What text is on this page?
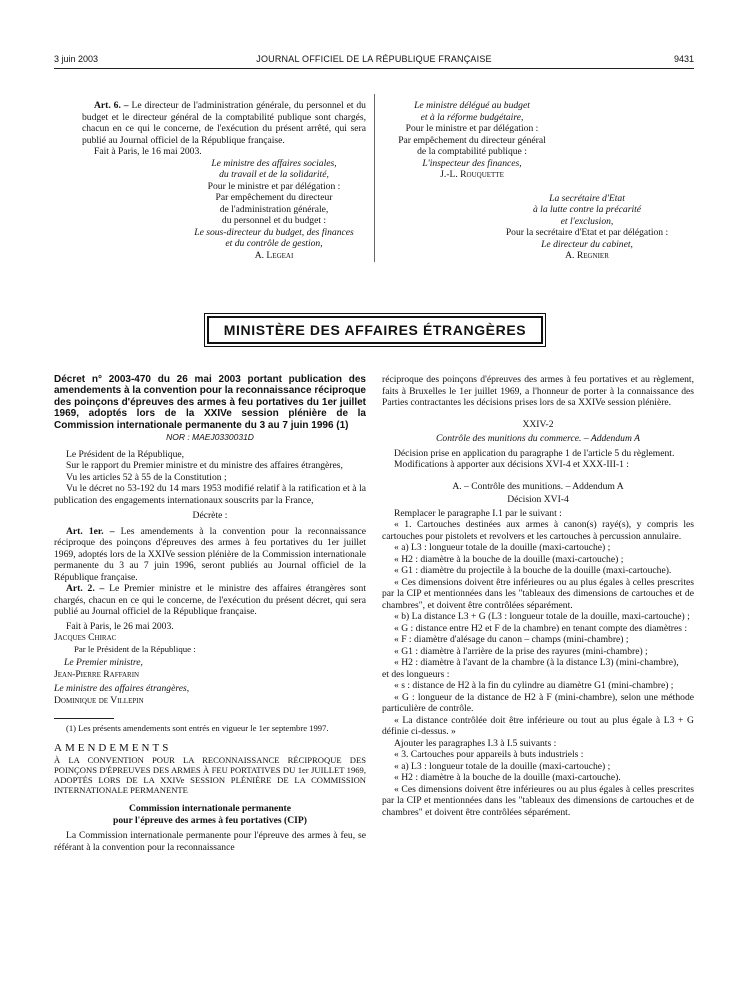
3 juin 2003	JOURNAL OFFICIEL DE LA RÉPUBLIQUE FRANÇAISE	9431

Art. 6. – Le directeur de l'administration générale, du personnel et du budget et le directeur général de la comptabilité publique sont chargés, chacun en ce qui le concerne, de l'exécution du présent arrêté, qui sera publié au Journal officiel de la République française.

Fait à Paris, le 16 mai 2003.

Le ministre des affaires sociales,
du travail et de la solidarité,
Pour le ministre et par délégation :
Par empêchement du directeur
de l'administration générale,
du personnel et du budget :
Le sous-directeur du budget, des finances
et du contrôle de gestion,
A. Legeai
Le ministre délégué au budget
et à la réforme budgétaire,
Pour le ministre et par délégation :
Par empêchement du directeur général
de la comptabilité publique :
L'inspecteur des finances,
J.-L. Rouquette
La secrétaire d'Etat
à la lutte contre la précarité
et l'exclusion,
Pour la secrétaire d'Etat et par délégation :
Le directeur du cabinet,
A. Regnier
MINISTÈRE DES AFFAIRES ÉTRANGÈRES

Décret n° 2003-470 du 26 mai 2003 portant publication des amendements à la convention pour la reconnaissance réciproque des poinçons d'épreuves des armes à feu portatives du 1er juillet 1969, adoptés lors de la XXIVe session plénière de la Commission internationale permanente du 3 au 7 juin 1996 (1)

NOR : MAEJ0330031D

Le Président de la République,

Sur le rapport du Premier ministre et du ministre des affaires étrangères,

Vu les articles 52 à 55 de la Constitution ;

Vu le décret no 53-192 du 14 mars 1953 modifié relatif à la ratification et à la publication des engagements internationaux souscrits par la France,

Décrète :

Art. 1er. – Les amendements à la convention pour la reconnaissance réciproque des poinçons d'épreuves des armes à feu portatives du 1er juillet 1969, adoptés lors de la XXIVe session plénière de la Commission internationale permanente du 3 au 7 juin 1996, seront publiés au Journal officiel de la République française.

Art. 2. – Le Premier ministre et le ministre des affaires étrangères sont chargés, chacun en ce qui le concerne, de l'exécution du présent décret, qui sera publié au Journal officiel de la République française.

Fait à Paris, le 26 mai 2003.

Jacques Chirac

Par le Président de la République :

Le Premier ministre,

Jean-Pierre Raffarin

Le ministre des affaires étrangères,

Dominique de Villepin

(1) Les présents amendements sont entrés en vigueur le 1er septembre 1997.

AMENDEMENTS

À LA CONVENTION POUR LA RECONNAISSANCE RÉCIPROQUE DES POINÇONS D'ÉPREUVES DES ARMES À FEU PORTATIVES DU 1er JUILLET 1969, ADOPTÉS LORS DE LA XXIVe SESSION PLÉNIÈRE DE LA COMMISSION INTERNATIONALE PERMANENTE

Commission internationale permanente

pour l'épreuve des armes à feu portatives (CIP)

La Commission internationale permanente pour l'épreuve des armes à feu, se référant à la convention pour la reconnaissance

réciproque des poinçons d'épreuves des armes à feu portatives et au règlement, faits à Bruxelles le 1er juillet 1969, a l'honneur de porter à la connaissance des Parties contractantes les décisions prises lors de sa XXIVe session plénière.

XXIV-2

Contrôle des munitions du commerce. – Addendum A

Décision prise en application du paragraphe 1 de l'article 5 du règlement.

Modifications à apporter aux décisions XVI-4 et XXX-III-1 :

A. – Contrôle des munitions. – Addendum A

Décision XVI-4

Remplacer le paragraphe I.1 par le suivant :

« 1. Cartouches destinées aux armes à canon(s) rayé(s), y compris les cartouches pour pistolets et revolvers et les cartouches à percussion annulaire.

« a) L3 : longueur totale de la douille (maxi-cartouche) ;

« H2 : diamètre à la bouche de la douille (maxi-cartouche) ;

« G1 : diamètre du projectile à la bouche de la douille (maxi-cartouche).

« Ces dimensions doivent être inférieures ou au plus égales à celles prescrites par la CIP et mentionnées dans les "tableaux des dimensions de cartouches et de chambres", et doivent être contrôlées séparément.

« b) La distance L3 + G (L3 : longueur totale de la douille, maxi-cartouche) ;

« G : distance entre H2 et F de la chambre) en tenant compte des diamètres :

« F : diamètre d'alésage du canon – champs (mini-chambre) ;

« G1 : diamètre à l'arrière de la prise des rayures (mini-chambre) ;

« H2 : diamètre à l'avant de la chambre (à la distance L3) (mini-chambre),

et des longueurs :

« s : distance de H2 à la fin du cylindre au diamètre G1 (mini-chambre) ;

« G : longueur de la distance de H2 à F (mini-chambre), selon une méthode particulière de contrôle.

« La distance contrôlée doit être inférieure ou tout au plus égale à L3 + G définie ci-dessus. »

Ajouter les paragraphes I.3 à I.5 suivants :

« 3. Cartouches pour appareils à buts industriels :

« a) L3 : longueur totale de la douille (maxi-cartouche) ;

« H2 : diamètre à la bouche de la douille (maxi-cartouche).

« Ces dimensions doivent être inférieures ou au plus égales à celles prescrites par la CIP et mentionnées dans les "tableaux des dimensions de cartouches et de chambres" et doivent être contrôlées séparément.
